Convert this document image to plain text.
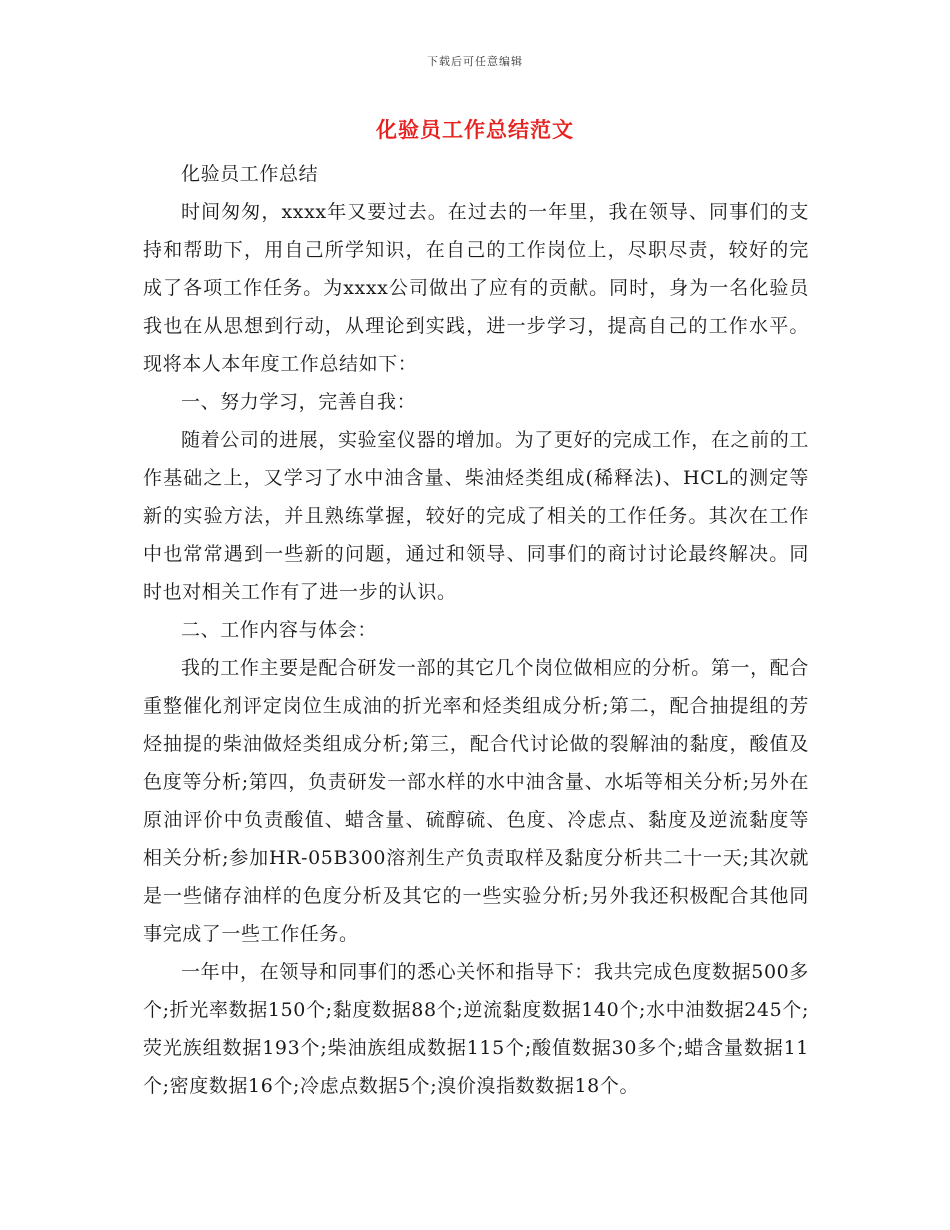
下载后可任意编辑
化验员工作总结范文

化验员工作总结

时间匆匆，xxxx年又要过去。在过去的一年里，我在领导、同事们的支持和帮助下，用自己所学知识，在自己的工作岗位上，尽职尽责，较好的完成了各项工作任务。为xxxx公司做出了应有的贡献。同时，身为一名化验员我也在从思想到行动，从理论到实践，进一步学习，提高自己的工作水平。现将本人本年度工作总结如下：

一、努力学习，完善自我：

随着公司的进展，实验室仪器的增加。为了更好的完成工作，在之前的工作基础之上，又学习了水中油含量、柴油烃类组成(稀释法)、HCL的测定等新的实验方法，并且熟练掌握，较好的完成了相关的工作任务。其次在工作中也常常遇到一些新的问题，通过和领导、同事们的商讨讨论最终解决。同时也对相关工作有了进一步的认识。

二、工作内容与体会：

我的工作主要是配合研发一部的其它几个岗位做相应的分析。第一，配合重整催化剂评定岗位生成油的折光率和烃类组成分析;第二，配合抽提组的芳烃抽提的柴油做烃类组成分析;第三，配合代讨论做的裂解油的黏度，酸值及色度等分析;第四，负责研发一部水样的水中油含量、水垢等相关分析;另外在原油评价中负责酸值、蜡含量、硫醇硫、色度、冷虑点、黏度及逆流黏度等相关分析;参加HR-05B300溶剂生产负责取样及黏度分析共二十一天;其次就是一些储存油样的色度分析及其它的一些实验分析;另外我还积极配合其他同事完成了一些工作任务。

一年中，在领导和同事们的悉心关怀和指导下：我共完成色度数据500多个;折光率数据150个;黏度数据88个;逆流黏度数据140个;水中油数据245个;荧光族组数据193个;柴油族组成数据115个;酸值数据30多个;蜡含量数据11个;密度数据16个;冷虑点数据5个;溴价溴指数数据18个。
